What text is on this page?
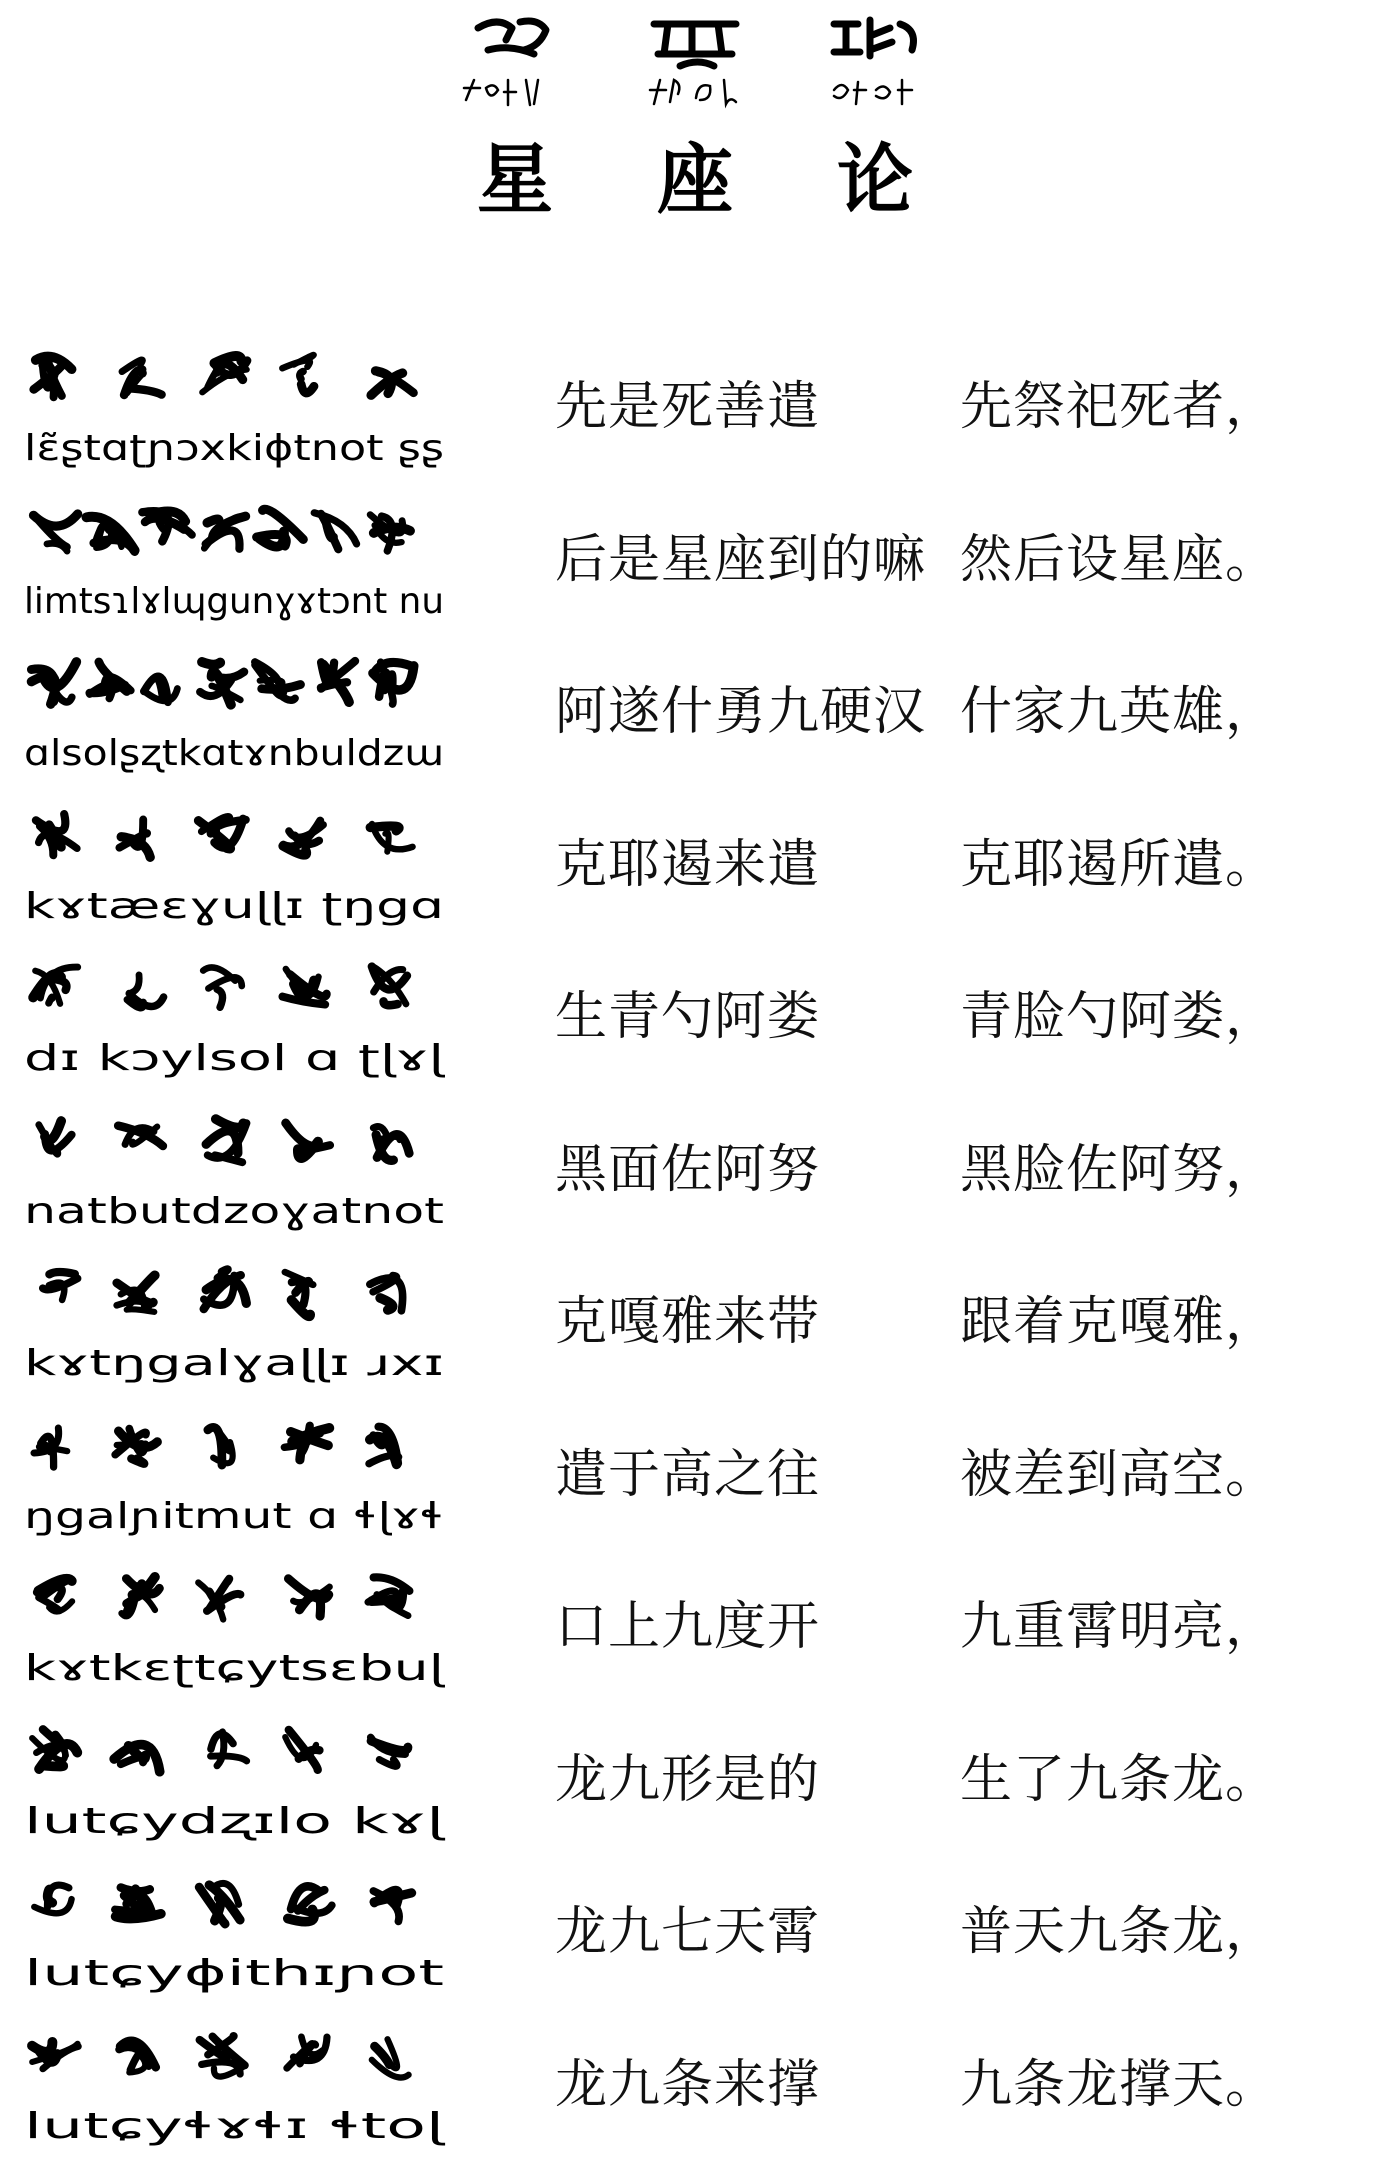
星 座 论
lɛ̃ʂtɑʈɲɔxkiɸtnot ʂʂ
先是死善遣	先祭祀死者，
limtsɿlɤlɰgunɣɤtɔnt nu
后是星座到的嘛 然后设星座。
ɑlsolʂʐtkɑtɤnbuldzɯ
阿遂什勇九硬汉 什家九英雄，
kɤtæɛɣuɭɭɪ ʈŋgɑ
克耶遏来遣	克耶遏所遣。
dɪ kɔylsol ɑ ʈɭɤɭ
生青勺阿娄	青脸勺阿娄，
natbutdzoɣatnot
黑面佐阿努	黑脸佐阿努，
kɤtŋgalɣaɭɭɪ ɹxɪ
克嘎雅来带	跟着克嘎雅，
ŋgalɲitmut ɑ ɬɭɤɬ
遣于高之往	被差到高空。
kɤtkɛʈtɕytsɛbuɭ
口上九度开	九重霄明亮，
lutɕydʐɪlo kɤɭ
龙九形是的	生了九条龙。
lutɕyɸithɪɲot
龙九七天霄	普天九条龙，
lutɕyɬɤɬɪ ɬtoɭ
龙九条来撑	九条龙撑天。
